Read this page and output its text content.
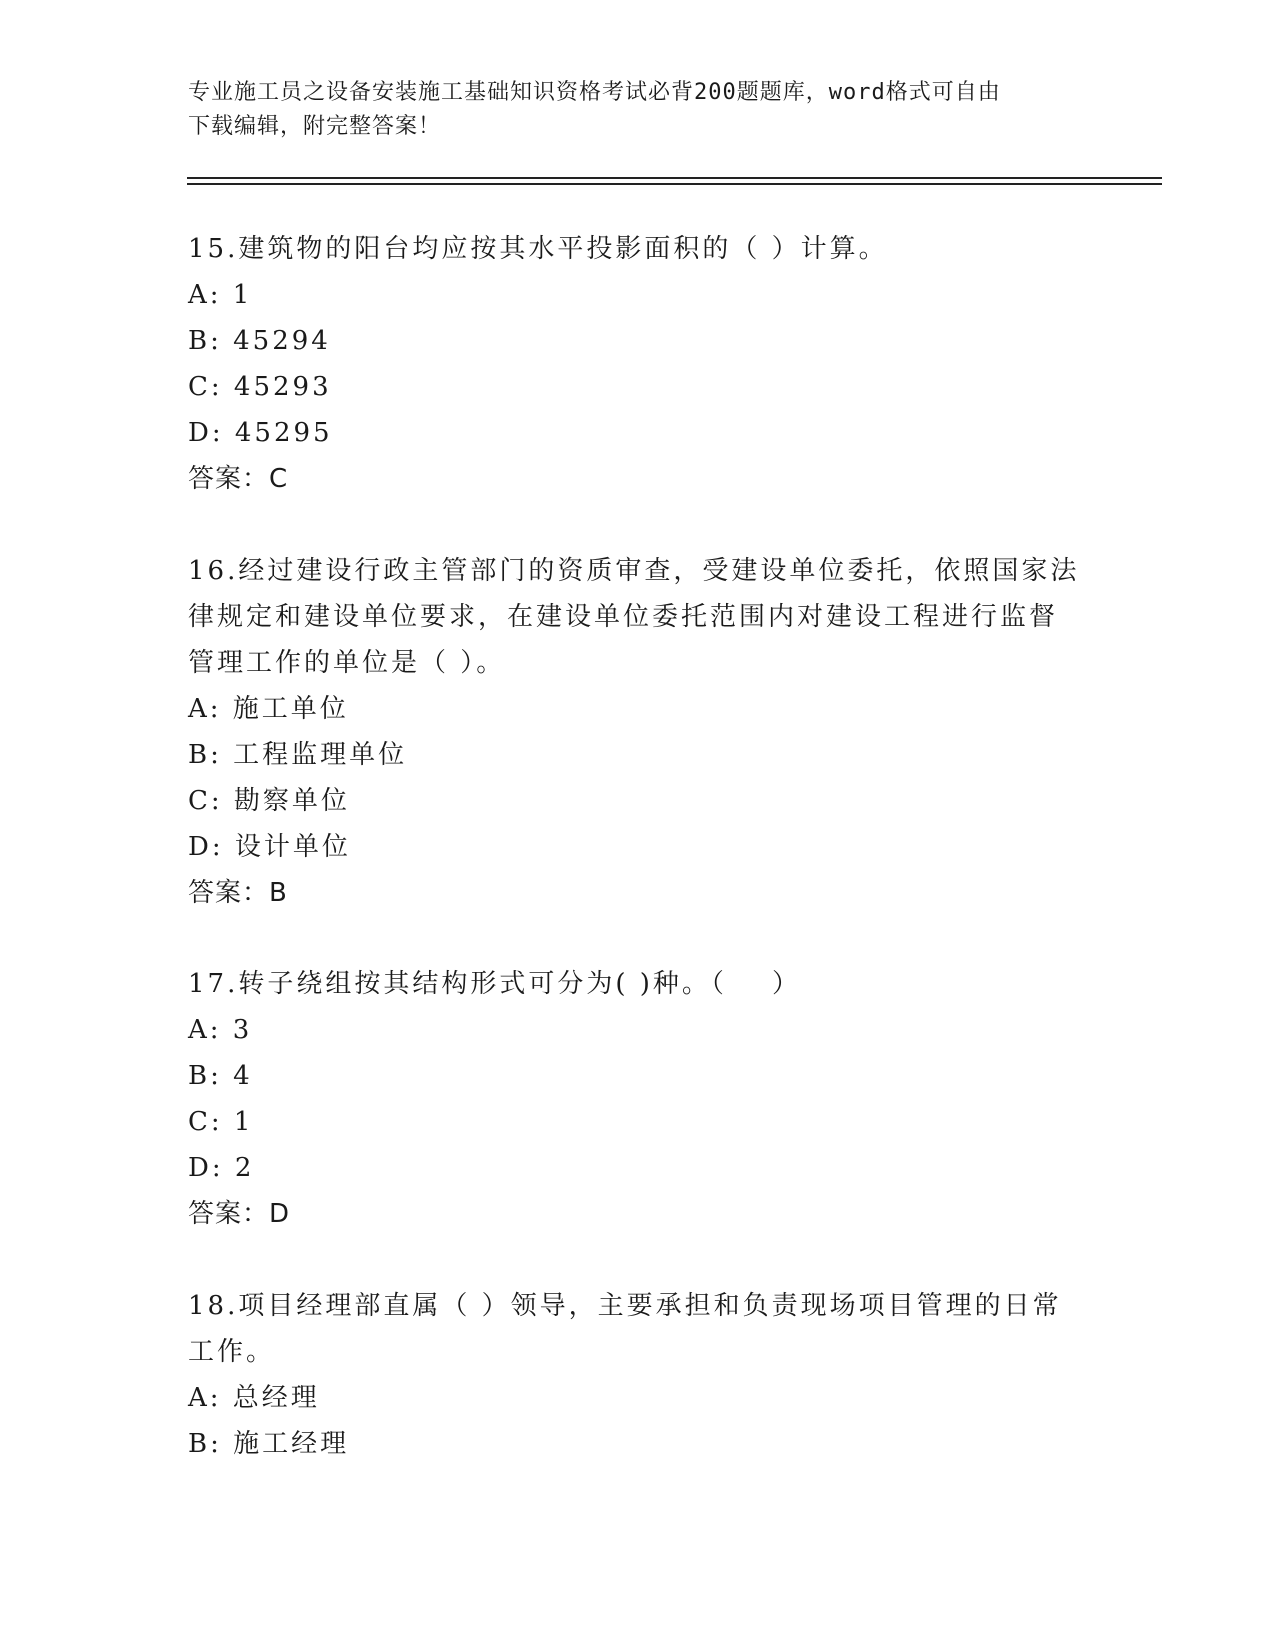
专业施工员之设备安装施工基础知识资格考试必背200题题库，word格式可自由
下载编辑，附完整答案！

15.建筑物的阳台均应按其水平投影面积的（ ）计算。

A: 1

B: 45294

C: 45293

D: 45295

答案：C

16.经过建设行政主管部门的资质审查，受建设单位委托，依照国家法
律规定和建设单位要求，在建设单位委托范围内对建设工程进行监督
管理工作的单位是（ ）。

A: 施工单位

B: 工程监理单位

C: 勘察单位

D: 设计单位

答案：B

17.转子绕组按其结构形式可分为( )种。（    ）

A: 3

B: 4

C: 1

D: 2

答案：D

18.项目经理部直属（ ）领导，主要承担和负责现场项目管理的日常
工作。

A: 总经理

B: 施工经理
